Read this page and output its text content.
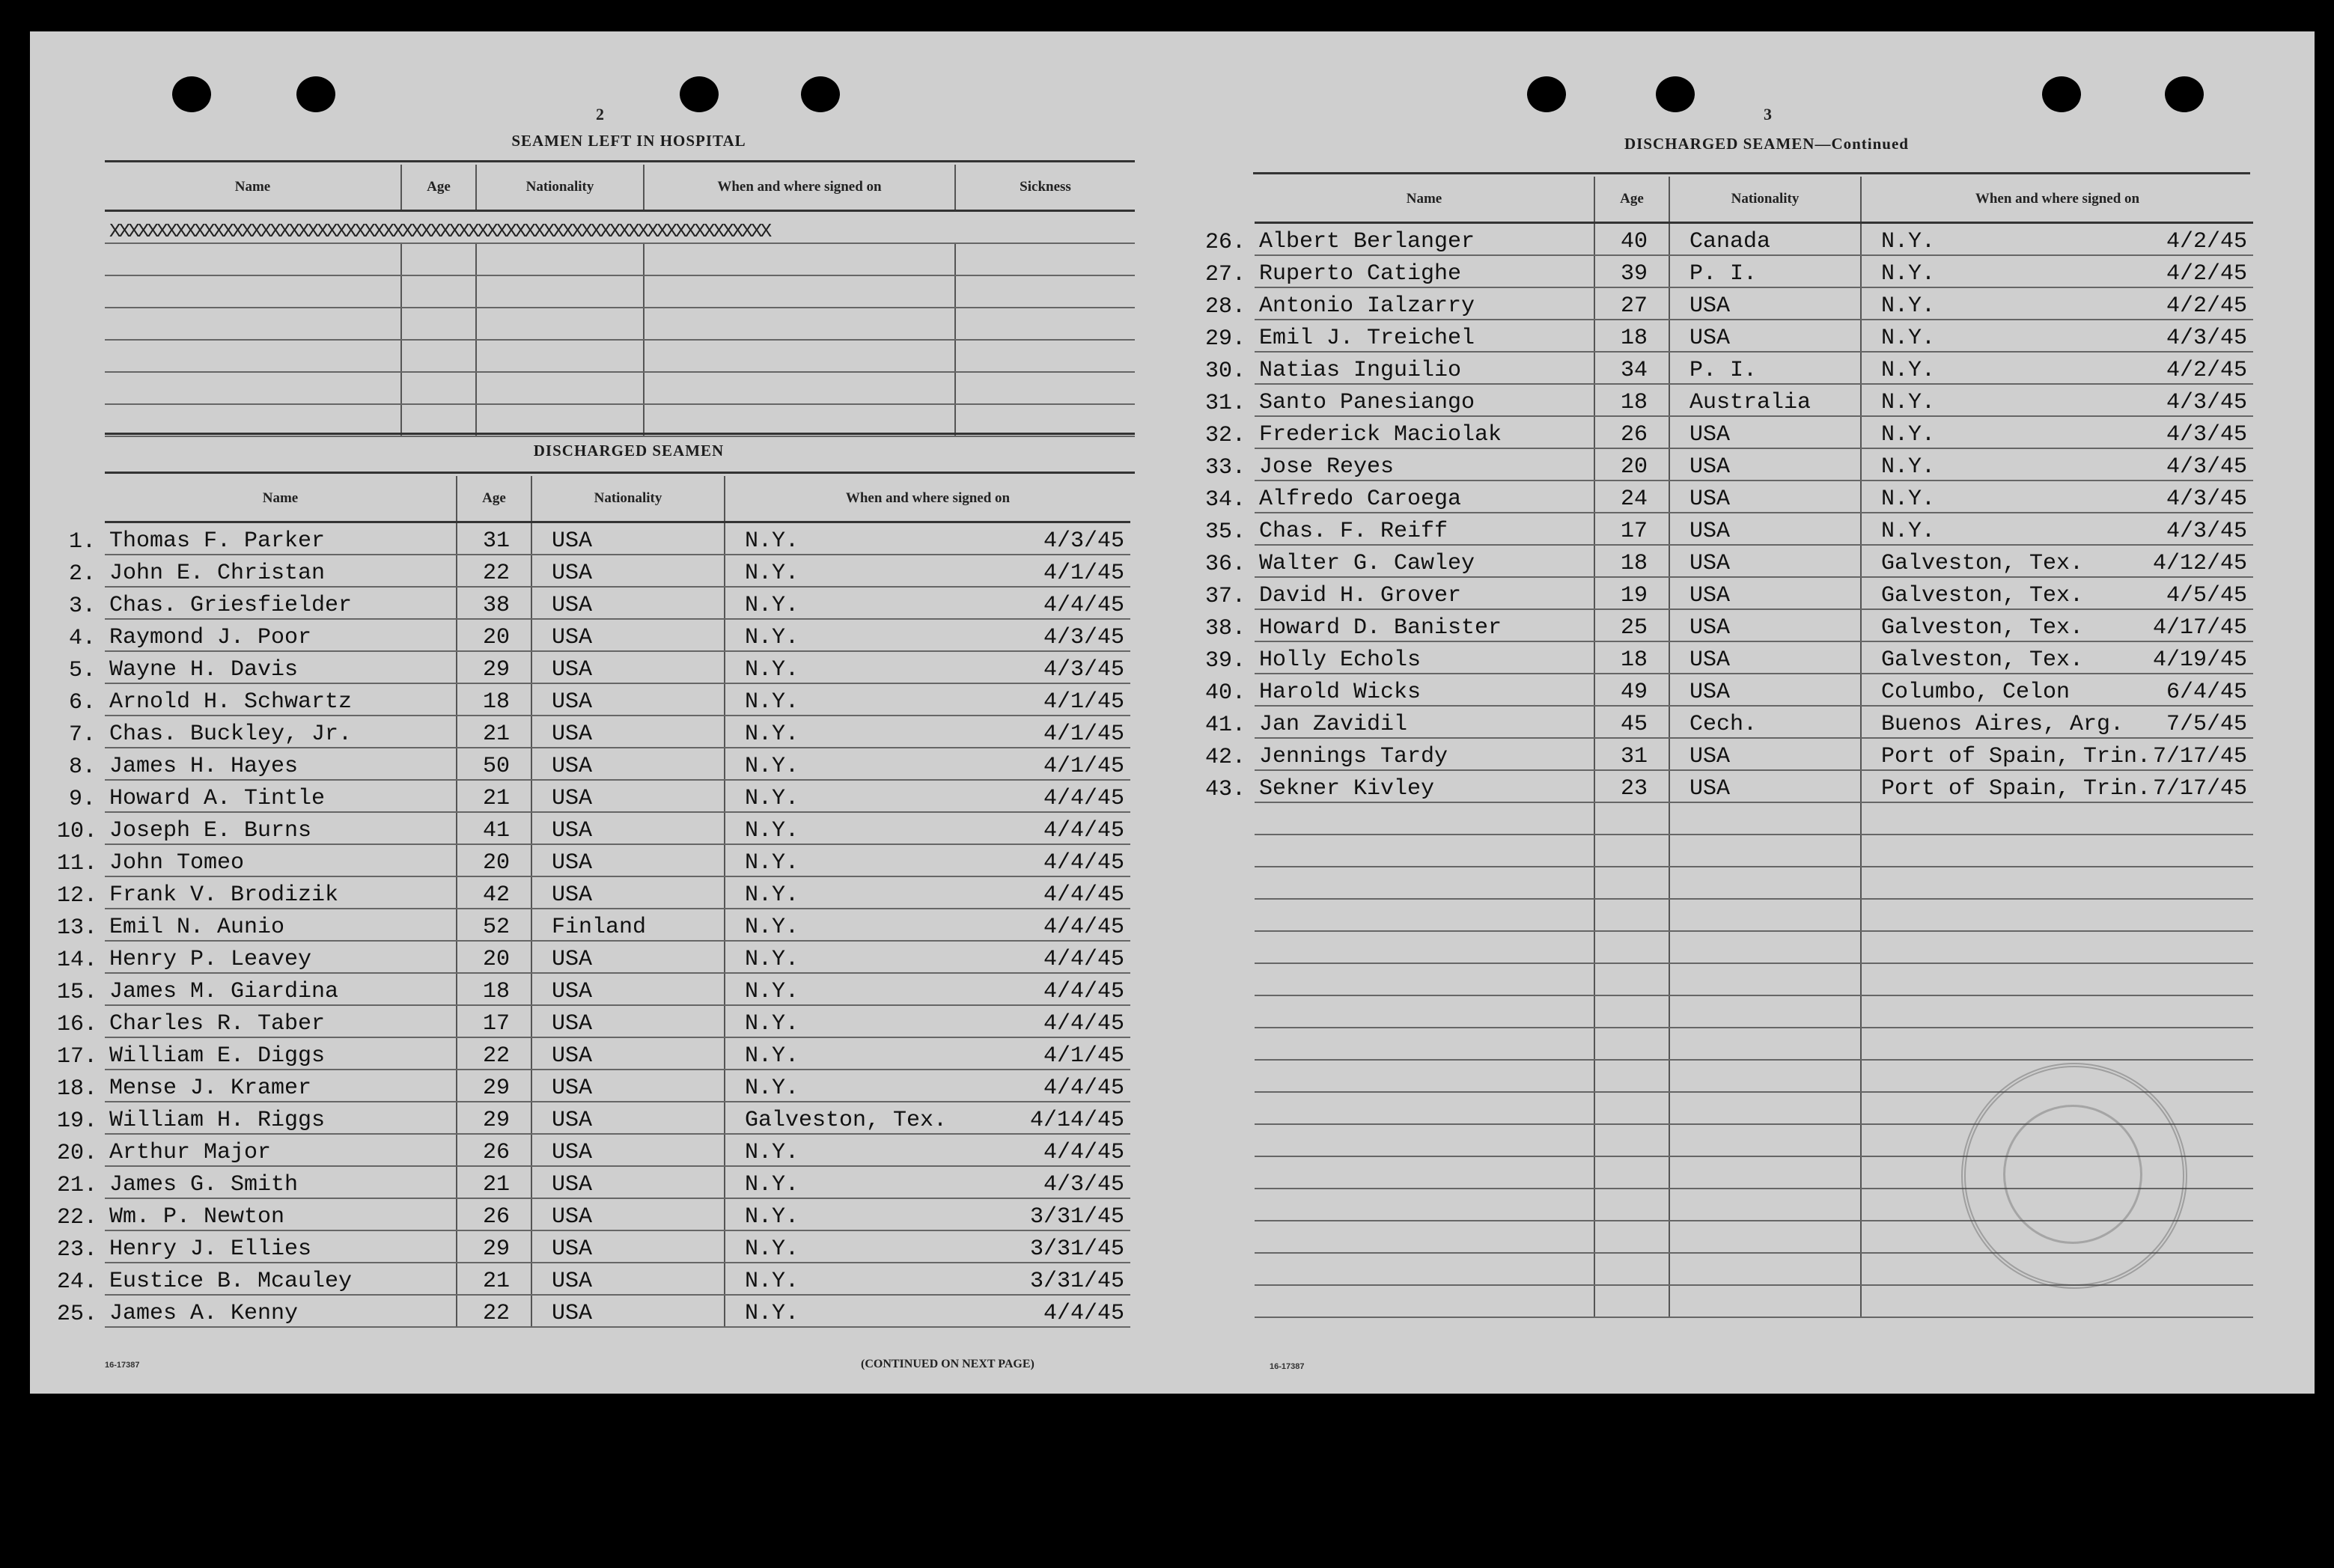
2
SEAMEN LEFT IN HOSPITAL
Name	Age	Nationality	When and where signed on	Sickness
XXXXXXXXXXXXXXXXXXXXXXXXXXXXXXXXXXXXXXXXXXXXXXXXXXXXXXXXXXXXXXXXXXXXXX				

DISCHARGED SEAMEN
	Name	Age	Nationality	When and where signed on
1.	Thomas F. Parker	31	USA	N.Y. 4/3/45

2.	John E. Christan	22	USA	N.Y. 4/1/45

3.	Chas. Griesfielder	38	USA	N.Y. 4/4/45

4.	Raymond J. Poor	20	USA	N.Y. 4/3/45

5.	Wayne H. Davis	29	USA	N.Y. 4/3/45

6.	Arnold H. Schwartz	18	USA	N.Y. 4/1/45

7.	Chas. Buckley, Jr.	21	USA	N.Y. 4/1/45

8.	James H. Hayes	50	USA	N.Y. 4/1/45

9.	Howard A. Tintle	21	USA	N.Y. 4/4/45

10.	Joseph E. Burns	41	USA	N.Y. 4/4/45

11.	John Tomeo	20	USA	N.Y. 4/4/45

12.	Frank V. Brodizik	42	USA	N.Y. 4/4/45

13.	Emil N. Aunio	52	Finland	N.Y. 4/4/45

14.	Henry P. Leavey	20	USA	N.Y. 4/4/45

15.	James M. Giardina	18	USA	N.Y. 4/4/45

16.	Charles R. Taber	17	USA	N.Y. 4/4/45

17.	William E. Diggs	22	USA	N.Y. 4/1/45

18.	Mense J. Kramer	29	USA	N.Y. 4/4/45

19.	William H. Riggs	29	USA	Galveston, Tex. 4/14/45

20.	Arthur Major	26	USA	N.Y. 4/4/45

21.	James G. Smith	21	USA	N.Y. 4/3/45

22.	Wm. P. Newton	26	USA	N.Y. 3/31/45

23.	Henry J. Ellies	29	USA	N.Y. 3/31/45

24.	Eustice B. Mcauley	21	USA	N.Y. 3/31/45

25.	James A. Kenny	22	USA	N.Y. 4/4/45
16-17387	(CONTINUED ON NEXT PAGE)
3
DISCHARGED SEAMEN—Continued
	Name	Age	Nationality	When and where signed on
26.	Albert Berlanger	40	Canada	N.Y. 4/2/45

27.	Ruperto Catighe	39	P. I.	N.Y. 4/2/45

28.	Antonio Ialzarry	27	USA	N.Y. 4/2/45

29.	Emil J. Treichel	18	USA	N.Y. 4/3/45

30.	Natias Inguilio	34	P. I.	N.Y. 4/2/45

31.	Santo Panesiango	18	Australia	N.Y. 4/3/45

32.	Frederick Maciolak	26	USA	N.Y. 4/3/45

33.	Jose Reyes	20	USA	N.Y. 4/3/45

34.	Alfredo Caroega	24	USA	N.Y. 4/3/45

35.	Chas. F. Reiff	17	USA	N.Y. 4/3/45

36.	Walter G. Cawley	18	USA	Galveston, Tex. 4/12/45

37.	David H. Grover	19	USA	Galveston, Tex. 4/5/45

38.	Howard D. Banister	25	USA	Galveston, Tex. 4/17/45

39.	Holly Echols	18	USA	Galveston, Tex. 4/19/45

40.	Harold Wicks	49	USA	Columbo, Celon 6/4/45

41.	Jan Zavidil	45	Cech.	Buenos Aires, Arg. 7/5/45

42.	Jennings Tardy	31	USA	Port of Spain, Trin. 7/17/45

43.	Sekner Kivley	23	USA	Port of Spain, Trin. 7/17/45

16-17387
